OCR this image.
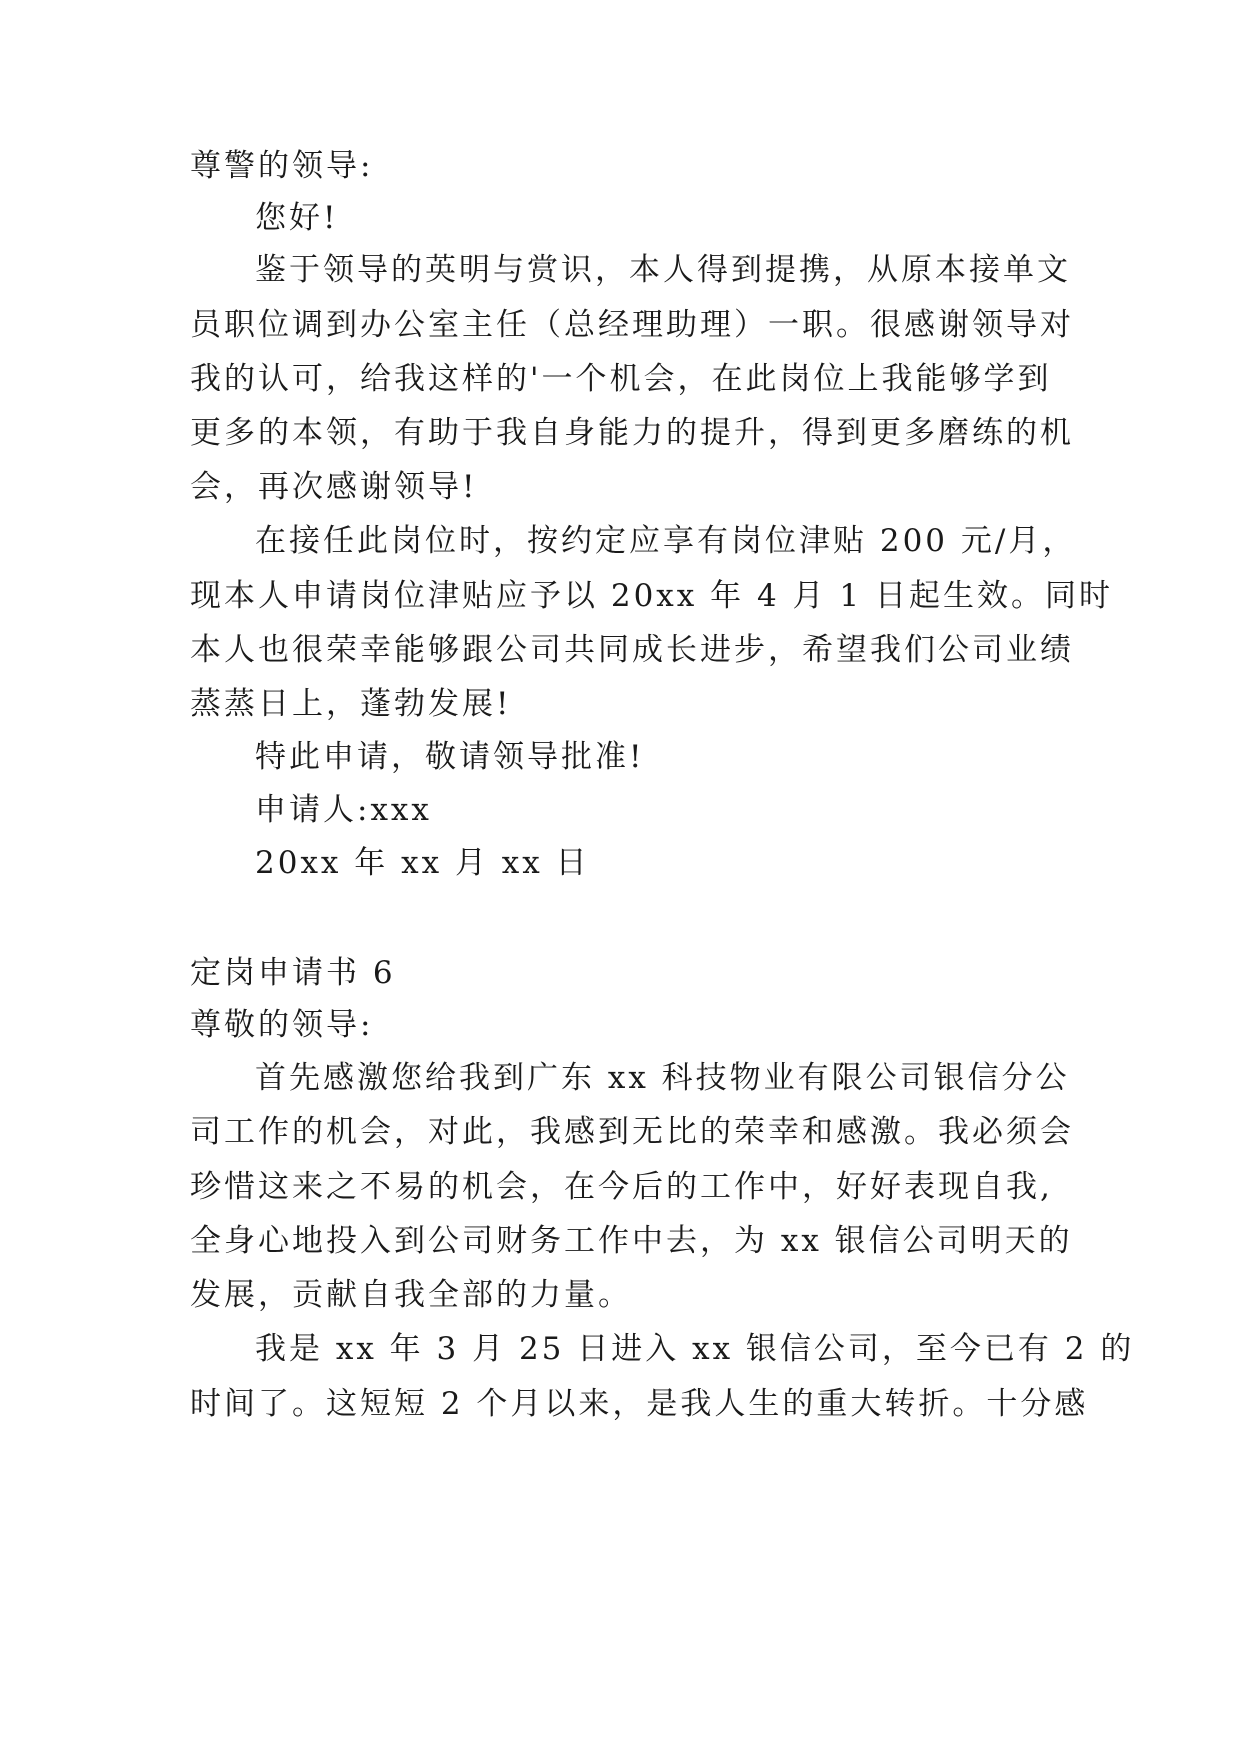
尊警的领导:
您好!
鉴于领导的英明与赏识，本人得到提携，从原本接单文
员职位调到办公室主任（总经理助理）一职。很感谢领导对
我的认可，给我这样的'一个机会，在此岗位上我能够学到
更多的本领，有助于我自身能力的提升，得到更多磨练的机
会，再次感谢领导!
在接任此岗位时，按约定应享有岗位津贴 200 元/月，
现本人申请岗位津贴应予以 20xx 年 4 月 1 日起生效。同时
本人也很荣幸能够跟公司共同成长进步，希望我们公司业绩
蒸蒸日上，蓬勃发展!
特此申请，敬请领导批准!
申请人:xxx
20xx 年 xx 月 xx 日
定岗申请书 6
尊敬的领导:
首先感激您给我到广东 xx 科技物业有限公司银信分公
司工作的机会，对此，我感到无比的荣幸和感激。我必须会
珍惜这来之不易的机会，在今后的工作中，好好表现自我,
全身心地投入到公司财务工作中去，为 xx 银信公司明天的
发展，贡献自我全部的力量。
我是 xx 年 3 月 25 日进入 xx 银信公司，至今已有 2 的
时间了。这短短 2 个月以来，是我人生的重大转折。十分感
